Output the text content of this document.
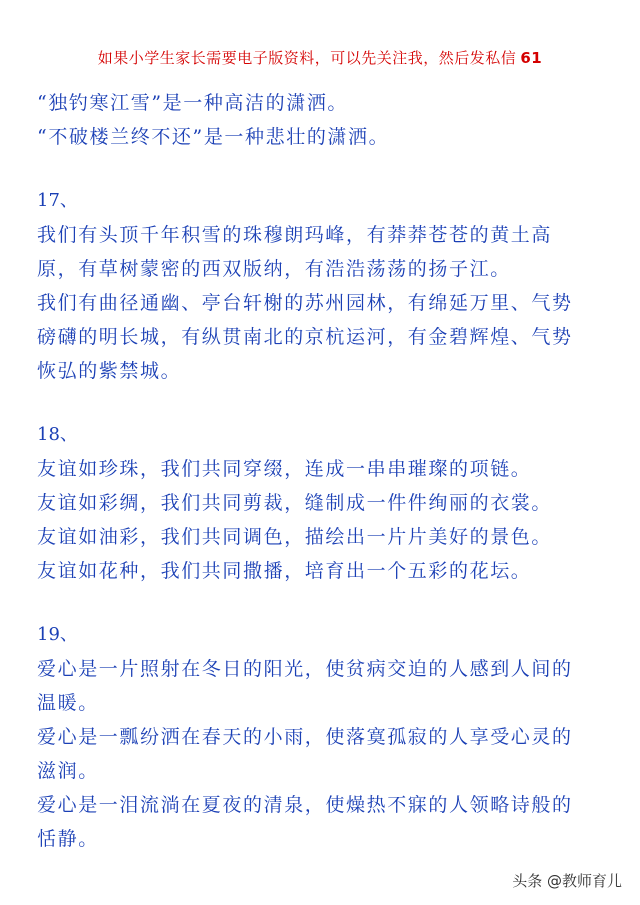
如果小学生家长需要电子版资料，可以先关注我，然后发私信 61
“独钓寒江雪”是一种高洁的潇洒。
“不破楼兰终不还”是一种悲壮的潇洒。
17、
我们有头顶千年积雪的珠穆朗玛峰，有莽莽苍苍的黄土高
原，有草树蒙密的西双版纳，有浩浩荡荡的扬子江。
我们有曲径通幽、亭台轩榭的苏州园林，有绵延万里、气势
磅礴的明长城，有纵贯南北的京杭运河，有金碧辉煌、气势
恢弘的紫禁城。
18、
友谊如珍珠，我们共同穿缀，连成一串串璀璨的项链。
友谊如彩绸，我们共同剪裁，缝制成一件件绚丽的衣裳。
友谊如油彩，我们共同调色，描绘出一片片美好的景色。
友谊如花种，我们共同撒播，培育出一个五彩的花坛。
19、
爱心是一片照射在冬日的阳光，使贫病交迫的人感到人间的
温暖。
爱心是一瓢纷洒在春天的小雨，使落寞孤寂的人享受心灵的
滋润。
爱心是一泪流淌在夏夜的清泉，使燥热不寐的人领略诗般的
恬静。
头条 @教师育儿
